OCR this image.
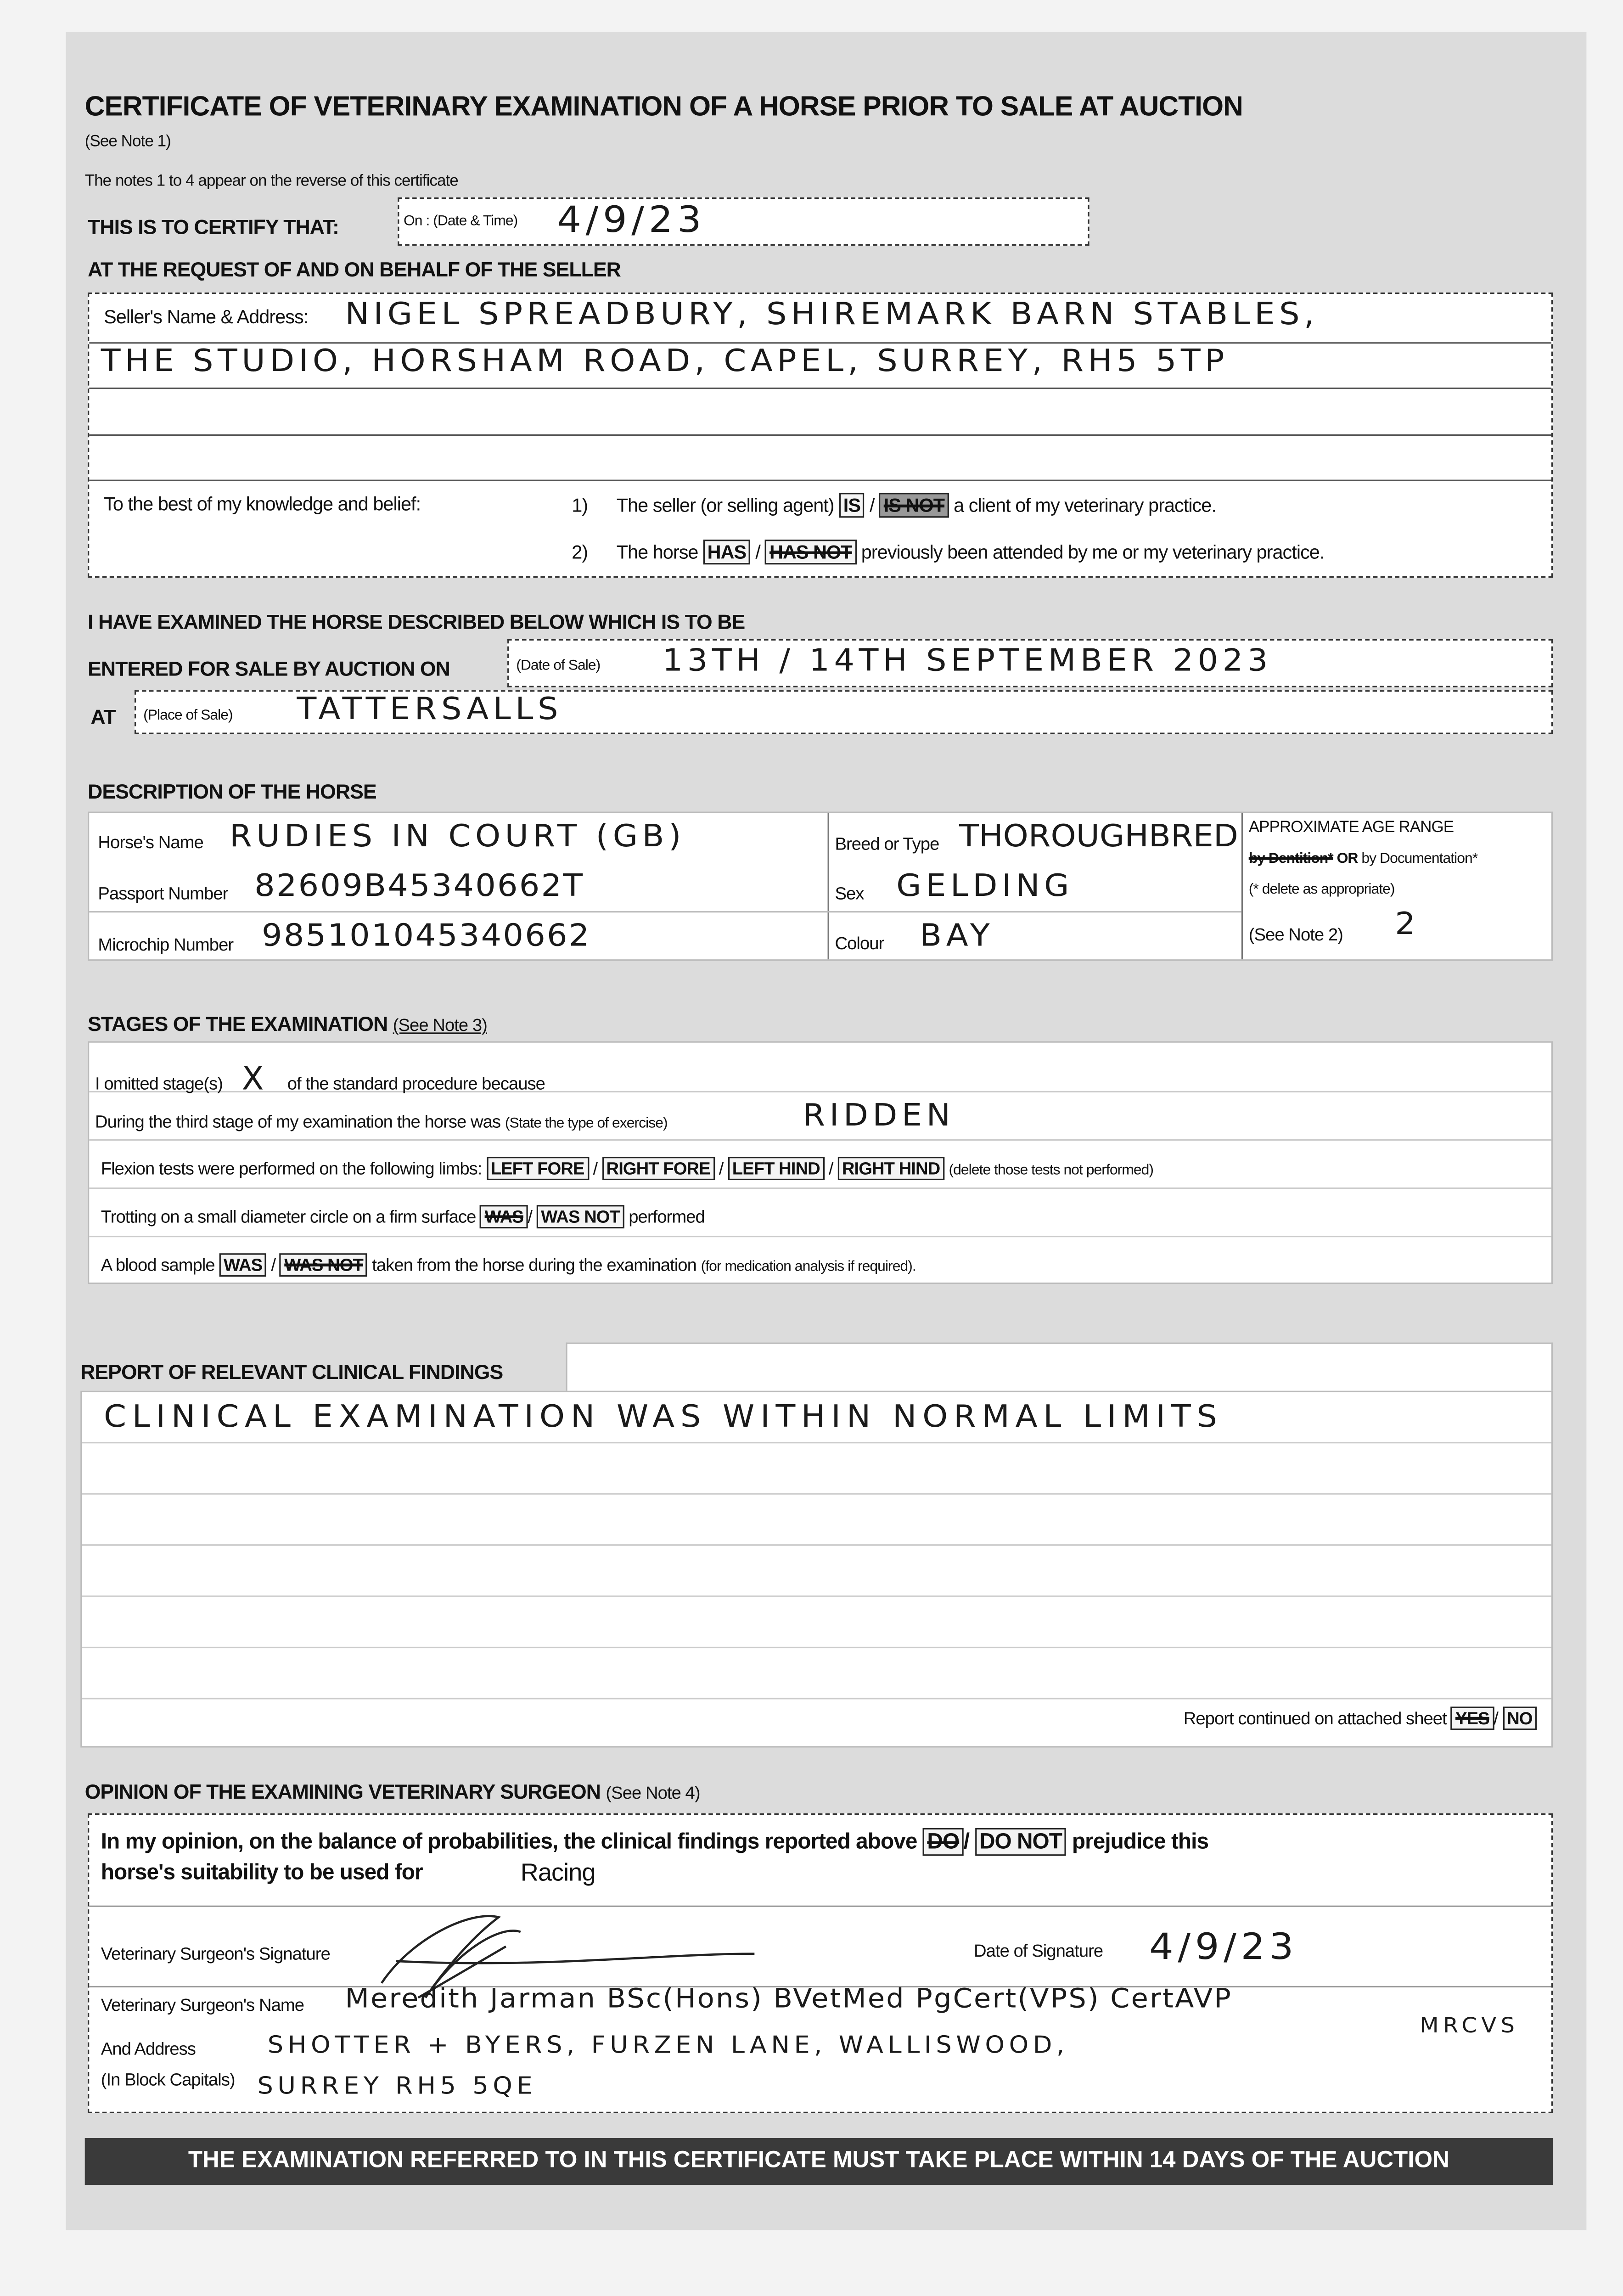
CERTIFICATE OF VETERINARY EXAMINATION OF A HORSE PRIOR TO SALE AT AUCTION
(See Note 1)
The notes 1 to 4 appear on the reverse of this certificate
THIS IS TO CERTIFY THAT:	On : (Date & Time)	4/9/23
AT THE REQUEST OF AND ON BEHALF OF THE SELLER
Seller's Name & Address:	NIGEL SPREADBURY, SHIREMARK BARN STABLES,
THE STUDIO, HORSHAM ROAD, CAPEL, SURREY, RH5 5TP
To the best of my knowledge and belief:	1)	The seller (or selling agent) IS / IS NOT a client of my veterinary practice.
2)	The horse HAS / HAS NOT previously been attended by me or my veterinary practice.
I HAVE EXAMINED THE HORSE DESCRIBED BELOW WHICH IS TO BE
ENTERED FOR SALE BY AUCTION ON	(Date of Sale)	13TH / 14TH SEPTEMBER 2023
AT	(Place of Sale)	TATTERSALLS
DESCRIPTION OF THE HORSE
Horse's Name	RUDIES IN COURT (GB)
Passport Number	82609B45340662T
Microchip Number	985101045340662
Breed or Type THOROUGHBRED
Sex	GELDING
Colour	BAY
APPROXIMATE AGE RANGE
by Dentition* OR by Documentation*
(* delete as appropriate)
(See Note 2)	2
STAGES OF THE EXAMINATION (See Note 3)
I omitted stage(s) X	of the standard procedure because
During the third stage of my examination the horse was (State the type of exercise)	RIDDEN
Flexion tests were performed on the following limbs: LEFT FORE / RIGHT FORE / LEFT HIND / RIGHT HIND (delete those tests not performed)
Trotting on a small diameter circle on a firm surface WAS / WAS NOT performed
A blood sample WAS / WAS NOT taken from the horse during the examination (for medication analysis if required).
REPORT OF RELEVANT CLINICAL FINDINGS
CLINICAL EXAMINATION WAS WITHIN NORMAL LIMITS
Report continued on attached sheet YES / NO
OPINION OF THE EXAMINING VETERINARY SURGEON (See Note 4)
In my opinion, on the balance of probabilities, the clinical findings reported above DO / DO NOT prejudice this
horse's suitability to be used for	Racing
Veterinary Surgeon's Signature	Date of Signature	4/9/23
Veterinary Surgeon's Name	Meredith Jarman BSc(Hons) BVetMed PgCert(VPS) CertAVP
MRCVS
And Address
(In Block Capitals)
SHOTTER + BYERS, FURZEN LANE, WALLISWOOD,
SURREY RH5 5QE
THE EXAMINATION REFERRED TO IN THIS CERTIFICATE MUST TAKE PLACE WITHIN 14 DAYS OF THE AUCTION
